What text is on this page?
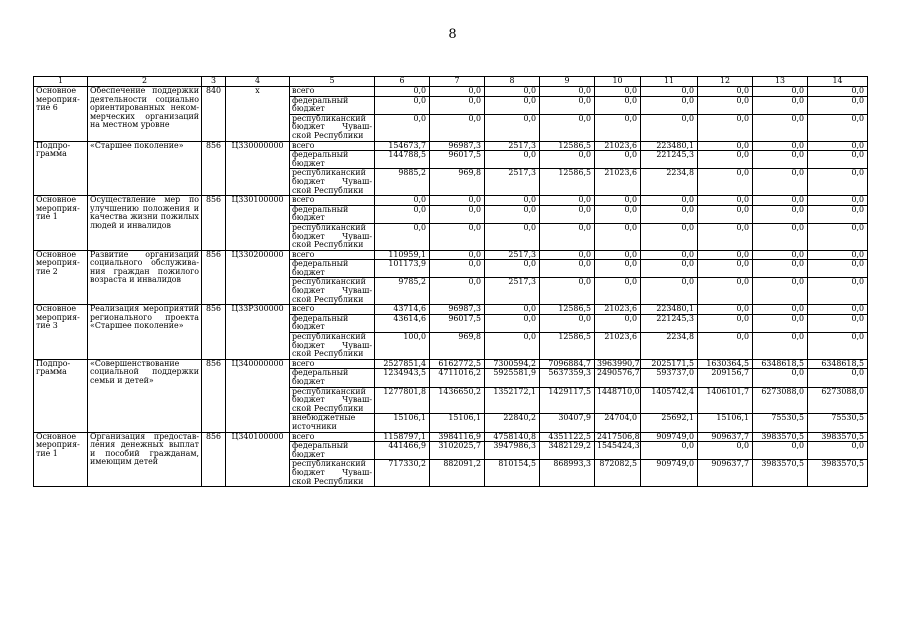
8
1	2	3	4	5	6	7	8	9	10	11	12	13	14
Основное мероприя-тие 6	Обеспечение поддержки деятельности социально ориентированных неком-мерческих организаций на местном уровне	840	х	всего	0,0	0,0	0,0	0,0	0,0	0,0	0,0	0,0	0,0
				федеральный бюджет	0,0	0,0	0,0	0,0	0,0	0,0	0,0	0,0	0,0
				республиканский бюджет Чуваш-ской Республики	0,0	0,0	0,0	0,0	0,0	0,0	0,0	0,0	0,0
Подпро-грамма	«Старшее поколение»	856	Ц330000000	всего	154673,7	96987,3	2517,3	12586,5	21023,6	223480,1	0,0	0,0	0,0
				федеральный бюджет	144788,5	96017,5	0,0	0,0	0,0	221245,3	0,0	0,0	0,0
				республиканский бюджет Чуваш-ской Республики	9885,2	969,8	2517,3	12586,5	21023,6	2234,8	0,0	0,0	0,0
Основное мероприя-тие 1	Осуществление мер по улучшению положения и качества жизни пожилых людей и инвалидов	856	Ц330100000	всего	0,0	0,0	0,0	0,0	0,0	0,0	0,0	0,0	0,0
				федеральный бюджет	0,0	0,0	0,0	0,0	0,0	0,0	0,0	0,0	0,0
				республиканский бюджет Чуваш-ской Республики	0,0	0,0	0,0	0,0	0,0	0,0	0,0	0,0	0,0
Основное мероприя-тие 2	Развитие организаций социального обслужива-ния граждан пожилого возраста и инвалидов	856	Ц330200000	всего	110959,1	0,0	2517,3	0,0	0,0	0,0	0,0	0,0	0,0
				федеральный бюджет	101173,9	0,0	0,0	0,0	0,0	0,0	0,0	0,0	0,0
				республиканский бюджет Чуваш-ской Республики	9785,2	0,0	2517,3	0,0	0,0	0,0	0,0	0,0	0,0
Основное мероприя-тие 3	Реализация мероприятий регионального проекта «Старшее поколение»	856	Ц33P300000	всего	43714,6	96987,3	0,0	12586,5	21023,6	223480,1	0,0	0,0	0,0
				федеральный бюджет	43614,6	96017,5	0,0	0,0	0,0	221245,3	0,0	0,0	0,0
				республиканский бюджет Чуваш-ской Республики	100,0	969,8	0,0	12586,5	21023,6	2234,8	0,0	0,0	0,0
Подпро-грамма	«Совершенствование социальной поддержки семьи и детей»	856	Ц340000000	всего	2527851,4	6162772,5	7300594,2	7096884,7	3963990,7	2025171,5	1630364,5	6348618,5	6348618,5
				федеральный бюджет	1234943,5	4711016,2	5925581,9	5637359,3	2490576,7	593737,0	209156,7	0,0	0,0
				республиканский бюджет Чуваш-ской Республики	1277801,8	1436650,2	1352172,1	1429117,5	1448710,0	1405742,4	1406101,7	6273088,0	6273088,0
				внебюджетные источники	15106,1	15106,1	22840,2	30407,9	24704,0	25692,1	15106,1	75530,5	75530,5
Основное мероприя-тие 1	Организация предостав-ления денежных выплат и пособий гражданам, имеющим детей	856	Ц340100000	всего	1158797,1	3984116,9	4758140,8	4351122,5	2417506,8	909749,0	909637,7	3983570,5	3983570,5
				федеральный бюджет	441466,9	3102025,7	3947986,3	3482129,2	1545424,3	0,0	0,0	0,0	0,0
				республиканский бюджет Чуваш-ской Республики	717330,2	882091,2	810154,5	868993,3	872082,5	909749,0	909637,7	3983570,5	3983570,5
